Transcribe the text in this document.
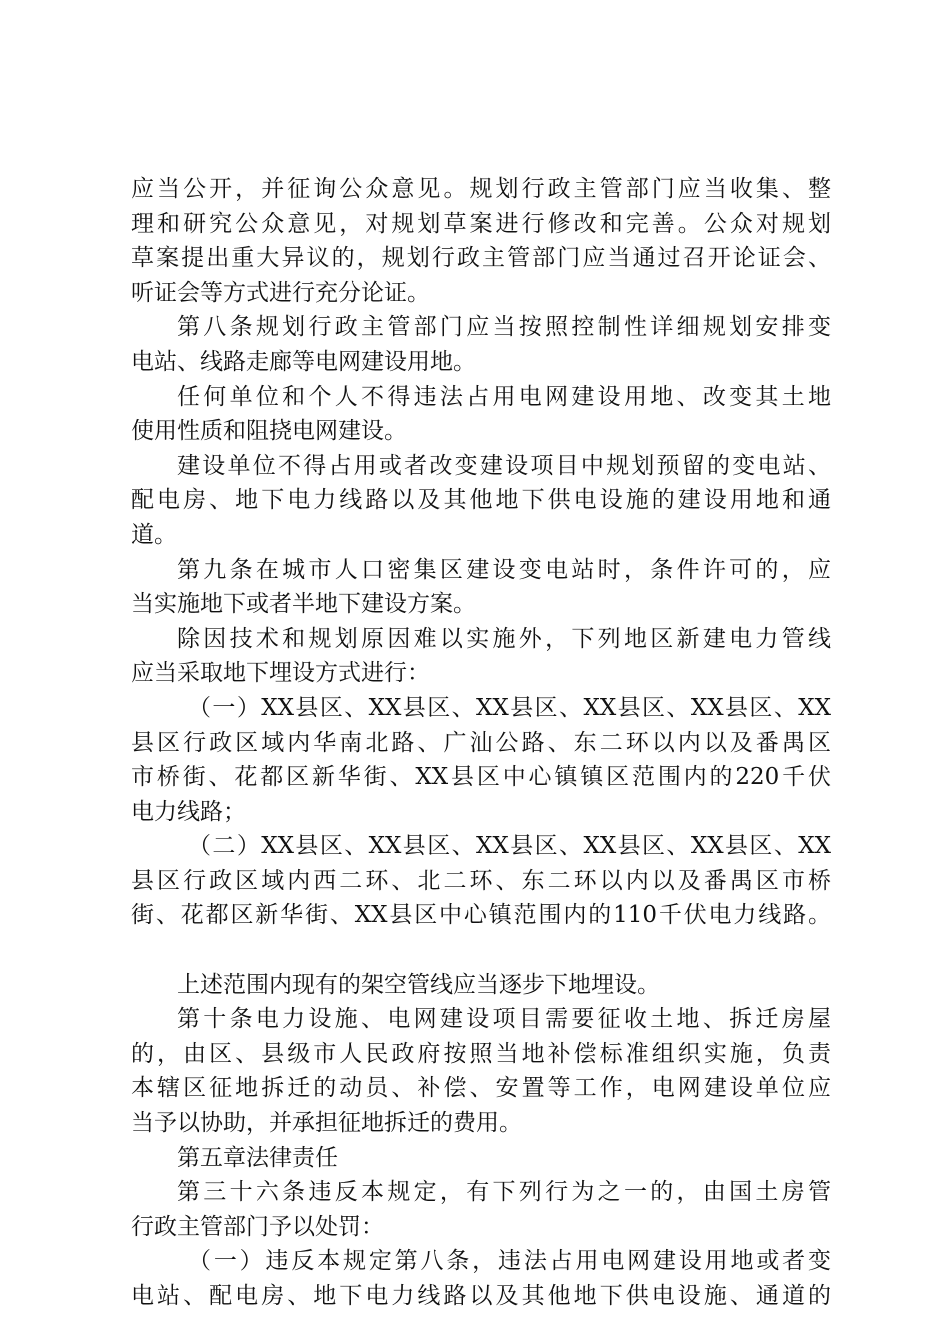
应当公开，并征询公众意见。规划行政主管部门应当收集、整
理和研究公众意见，对规划草案进行修改和完善。公众对规划
草案提出重大异议的，规划行政主管部门应当通过召开论证会、
听证会等方式进行充分论证。
第八条规划行政主管部门应当按照控制性详细规划安排变
电站、线路走廊等电网建设用地。
任何单位和个人不得违法占用电网建设用地、改变其土地
使用性质和阻挠电网建设。
建设单位不得占用或者改变建设项目中规划预留的变电站、
配电房、地下电力线路以及其他地下供电设施的建设用地和通
道。
第九条在城市人口密集区建设变电站时，条件许可的，应
当实施地下或者半地下建设方案。
除因技术和规划原因难以实施外，下列地区新建电力管线
应当采取地下埋设方式进行：
（一）XX县区、XX县区、XX县区、XX县区、XX县区、XX
县区行政区域内华南北路、广汕公路、东二环以内以及番禺区
市桥街、花都区新华街、XX县区中心镇镇区范围内的220千伏
电力线路；
（二）XX县区、XX县区、XX县区、XX县区、XX县区、XX
县区行政区域内西二环、北二环、东二环以内以及番禺区市桥
街、花都区新华街、XX县区中心镇范围内的110千伏电力线路。
上述范围内现有的架空管线应当逐步下地埋设。
第十条电力设施、电网建设项目需要征收土地、拆迁房屋
的，由区、县级市人民政府按照当地补偿标准组织实施，负责
本辖区征地拆迁的动员、补偿、安置等工作，电网建设单位应
当予以协助，并承担征地拆迁的费用。
第五章法律责任
第三十六条违反本规定，有下列行为之一的，由国土房管
行政主管部门予以处罚：
（一）违反本规定第八条，违法占用电网建设用地或者变
电站、配电房、地下电力线路以及其他地下供电设施、通道的
